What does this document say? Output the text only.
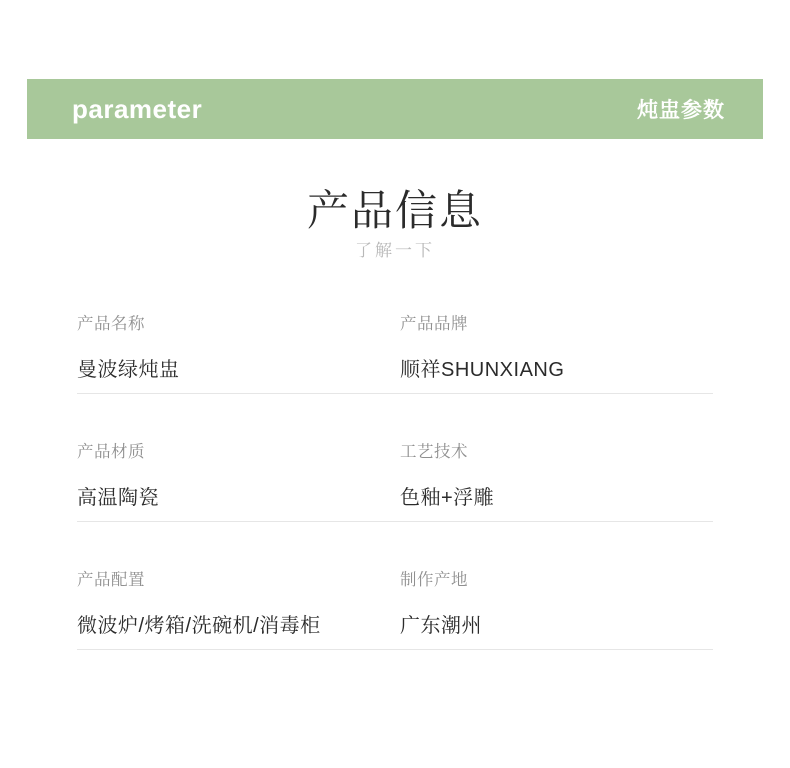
parameter	炖盅参数
产品信息
了解一下
产品名称
曼波绿炖盅
产品品牌
顺祥SHUNXIANG
产品材质
高温陶瓷
工艺技术
色釉+浮雕
产品配置
微波炉/烤箱/洗碗机/消毒柜
制作产地
广东潮州
